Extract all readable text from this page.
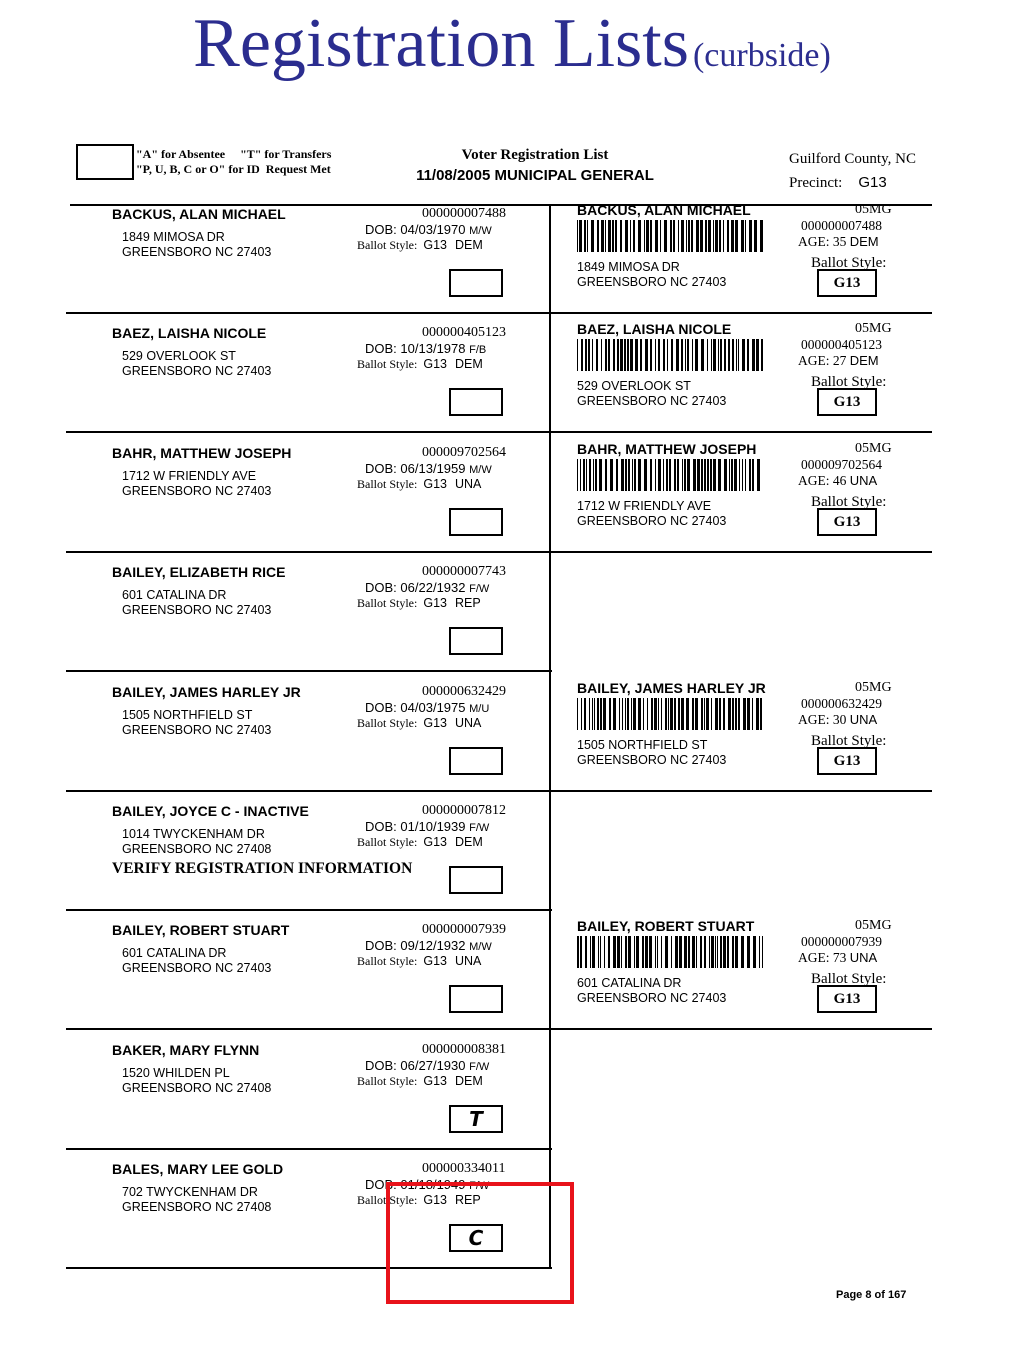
Registration Lists (curbside)
"A" for Absentee     "T" for Transfers
"P, U, B, C or O" for ID  Request Met
Voter Registration List
11/08/2005 MUNICIPAL GENERAL
Guilford County, NC
Precinct: G13
BACKUS, ALAN MICHAEL
1849 MIMOSA DR
GREENSBORO NC 27403
000000007488
DOB: 04/03/1970 M/W
Ballot Style: G13 DEM
BACKUS, ALAN MICHAEL
1849 MIMOSA DR
GREENSBORO NC 27403
05MG
000000007488
AGE: 35 DEM
Ballot Style:
G13
BAEZ, LAISHA NICOLE
529 OVERLOOK ST
GREENSBORO NC 27403
000000405123
DOB: 10/13/1978 F/B
Ballot Style: G13 DEM
BAEZ, LAISHA NICOLE
529 OVERLOOK ST
GREENSBORO NC 27403
05MG
000000405123
AGE: 27 DEM
Ballot Style:
G13
BAHR, MATTHEW JOSEPH
1712 W FRIENDLY AVE
GREENSBORO NC 27403
000009702564
DOB: 06/13/1959 M/W
Ballot Style: G13 UNA
BAHR, MATTHEW JOSEPH
1712 W FRIENDLY AVE
GREENSBORO NC 27403
05MG
000009702564
AGE: 46 UNA
Ballot Style:
G13
BAILEY, ELIZABETH RICE
601 CATALINA DR
GREENSBORO NC 27403
000000007743
DOB: 06/22/1932 F/W
Ballot Style: G13 REP
BAILEY, JAMES HARLEY JR
1505 NORTHFIELD ST
GREENSBORO NC 27403
000000632429
DOB: 04/03/1975 M/U
Ballot Style: G13 UNA
BAILEY, JAMES HARLEY JR
1505 NORTHFIELD ST
GREENSBORO NC 27403
05MG
000000632429
AGE: 30 UNA
Ballot Style:
G13
BAILEY, JOYCE C - INACTIVE
1014 TWYCKENHAM DR
GREENSBORO NC 27408
000000007812
DOB: 01/10/1939 F/W
Ballot Style: G13 DEM
VERIFY REGISTRATION INFORMATION
BAILEY, ROBERT STUART
601 CATALINA DR
GREENSBORO NC 27403
000000007939
DOB: 09/12/1932 M/W
Ballot Style: G13 UNA
BAILEY, ROBERT STUART
601 CATALINA DR
GREENSBORO NC 27403
05MG
000000007939
AGE: 73 UNA
Ballot Style:
G13
BAKER, MARY FLYNN
1520 WHILDEN PL
GREENSBORO NC 27408
000000008381
DOB: 06/27/1930 F/W
Ballot Style: G13 DEM
T
BALES, MARY LEE GOLD
702 TWYCKENHAM DR
GREENSBORO NC 27408
000000334011
DOB: 01/18/1949 F/W
Ballot Style: G13 REP
C
Page 8 of 167
